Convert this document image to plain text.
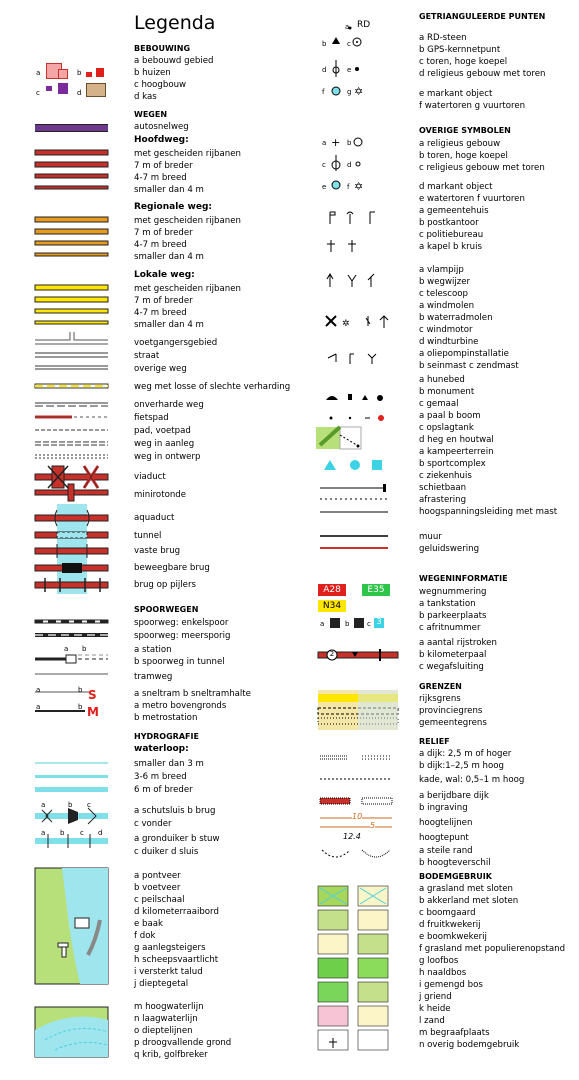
Legenda
BEBOUWING
a bebouwd gebied
b huizen
c hoogbouw
d kas
WEGEN
autosnelweg
Hoofdweg:
met gescheiden rijbanen
7 m of breder
4-7 m breed
smaller dan 4 m
Regionale weg:
met gescheiden rijbanen
7 m of breder
4-7 m breed
smaller dan 4 m
Lokale weg:
met gescheiden rijbanen
7 m of breder
4-7 m breed
smaller dan 4 m
voetgangersgebied
straat
overige weg
weg met losse of slechte verharding
onverharde weg
fietspad
pad, voetpad
weg in aanleg
weg in ontwerp
viaduct
minirotonde
aquaduct
tunnel
vaste brug
beweegbare brug
brug op pijlers
SPOORWEGEN
spoorweg: enkelspoor
spoorweg: meersporig
a station
b spoorweg in tunnel
tramweg
a sneltram b sneltramhalte
a metro bovengronds
b metrostation
HYDROGRAFIE
waterloop:
smaller dan 3 m
3-6 m breed
6 m of breder
a schutsluis b brug
c vonder
a gronduiker b stuw
c duiker d sluis
a pontveer
b voetveer
c peilschaal
d kilometerraaibord
e baak
f dok
g aanlegsteigers
h scheepsvaartlicht
i versterkt talud
j dieptegetal
m hoogwaterlijn
n laagwaterlijn
o dieptelijnen
p droogvallende grond
q krib, golfbreker
a	b
c	d
a	b c
a b c d
a	b S
a	b M
a b
✡
+
✡
✲
a RD
b	c
d	e
f	g
a	b
c	d
e	f
A28	E35
N34
3
2
a	b	c
10
5
12.4
GETRIANGULEERDE PUNTEN
a RD-steen
b GPS-kernnetpunt
c toren, hoge koepel
d religieus gebouw met toren
e markant object
f watertoren g vuurtoren
OVERIGE SYMBOLEN
a religieus gebouw
b toren, hoge koepel
c religieus gebouw met toren
d markant object
e watertoren f vuurtoren
a gemeentehuis
b postkantoor
c politiebureau
a kapel b kruis
a vlampijp
b wegwijzer
c telescoop
a windmolen
b waterradmolen
c windmotor
d windturbine
a oliepompinstallatie
b seinmast c zendmast
a hunebed
b monument
c gemaal
a paal b boom
c opslagtank
d heg en houtwal
a kampeerterrein
b sportcomplex
c ziekenhuis
schietbaan
afrastering
hoogspanningsleiding met mast
muur
geluidswering
WEGENINFORMATIE
wegnummering
a tankstation
b parkeerplaats
c afritnummer
a aantal rijstroken
b kilometerpaal
c wegafsluiting
GRENZEN
rijksgrens
provinciegrens
gemeentegrens
RELIEF
a dijk: 2,5 m of hoger
b dijk:1–2,5 m hoog
kade, wal: 0,5–1 m hoog
a berijdbare dijk
b ingraving
hoogtelijnen
hoogtepunt
a steile rand
b hoogteverschil
BODEMGEBRUIK
a grasland met sloten
b akkerland met sloten
c boomgaard
d fruitkwekerij
e boomkwekerij
f grasland met populierenopstand
g loofbos
h naaldbos
i gemengd bos
j griend
k heide
l zand
m begraafplaats
n overig bodemgebruik
